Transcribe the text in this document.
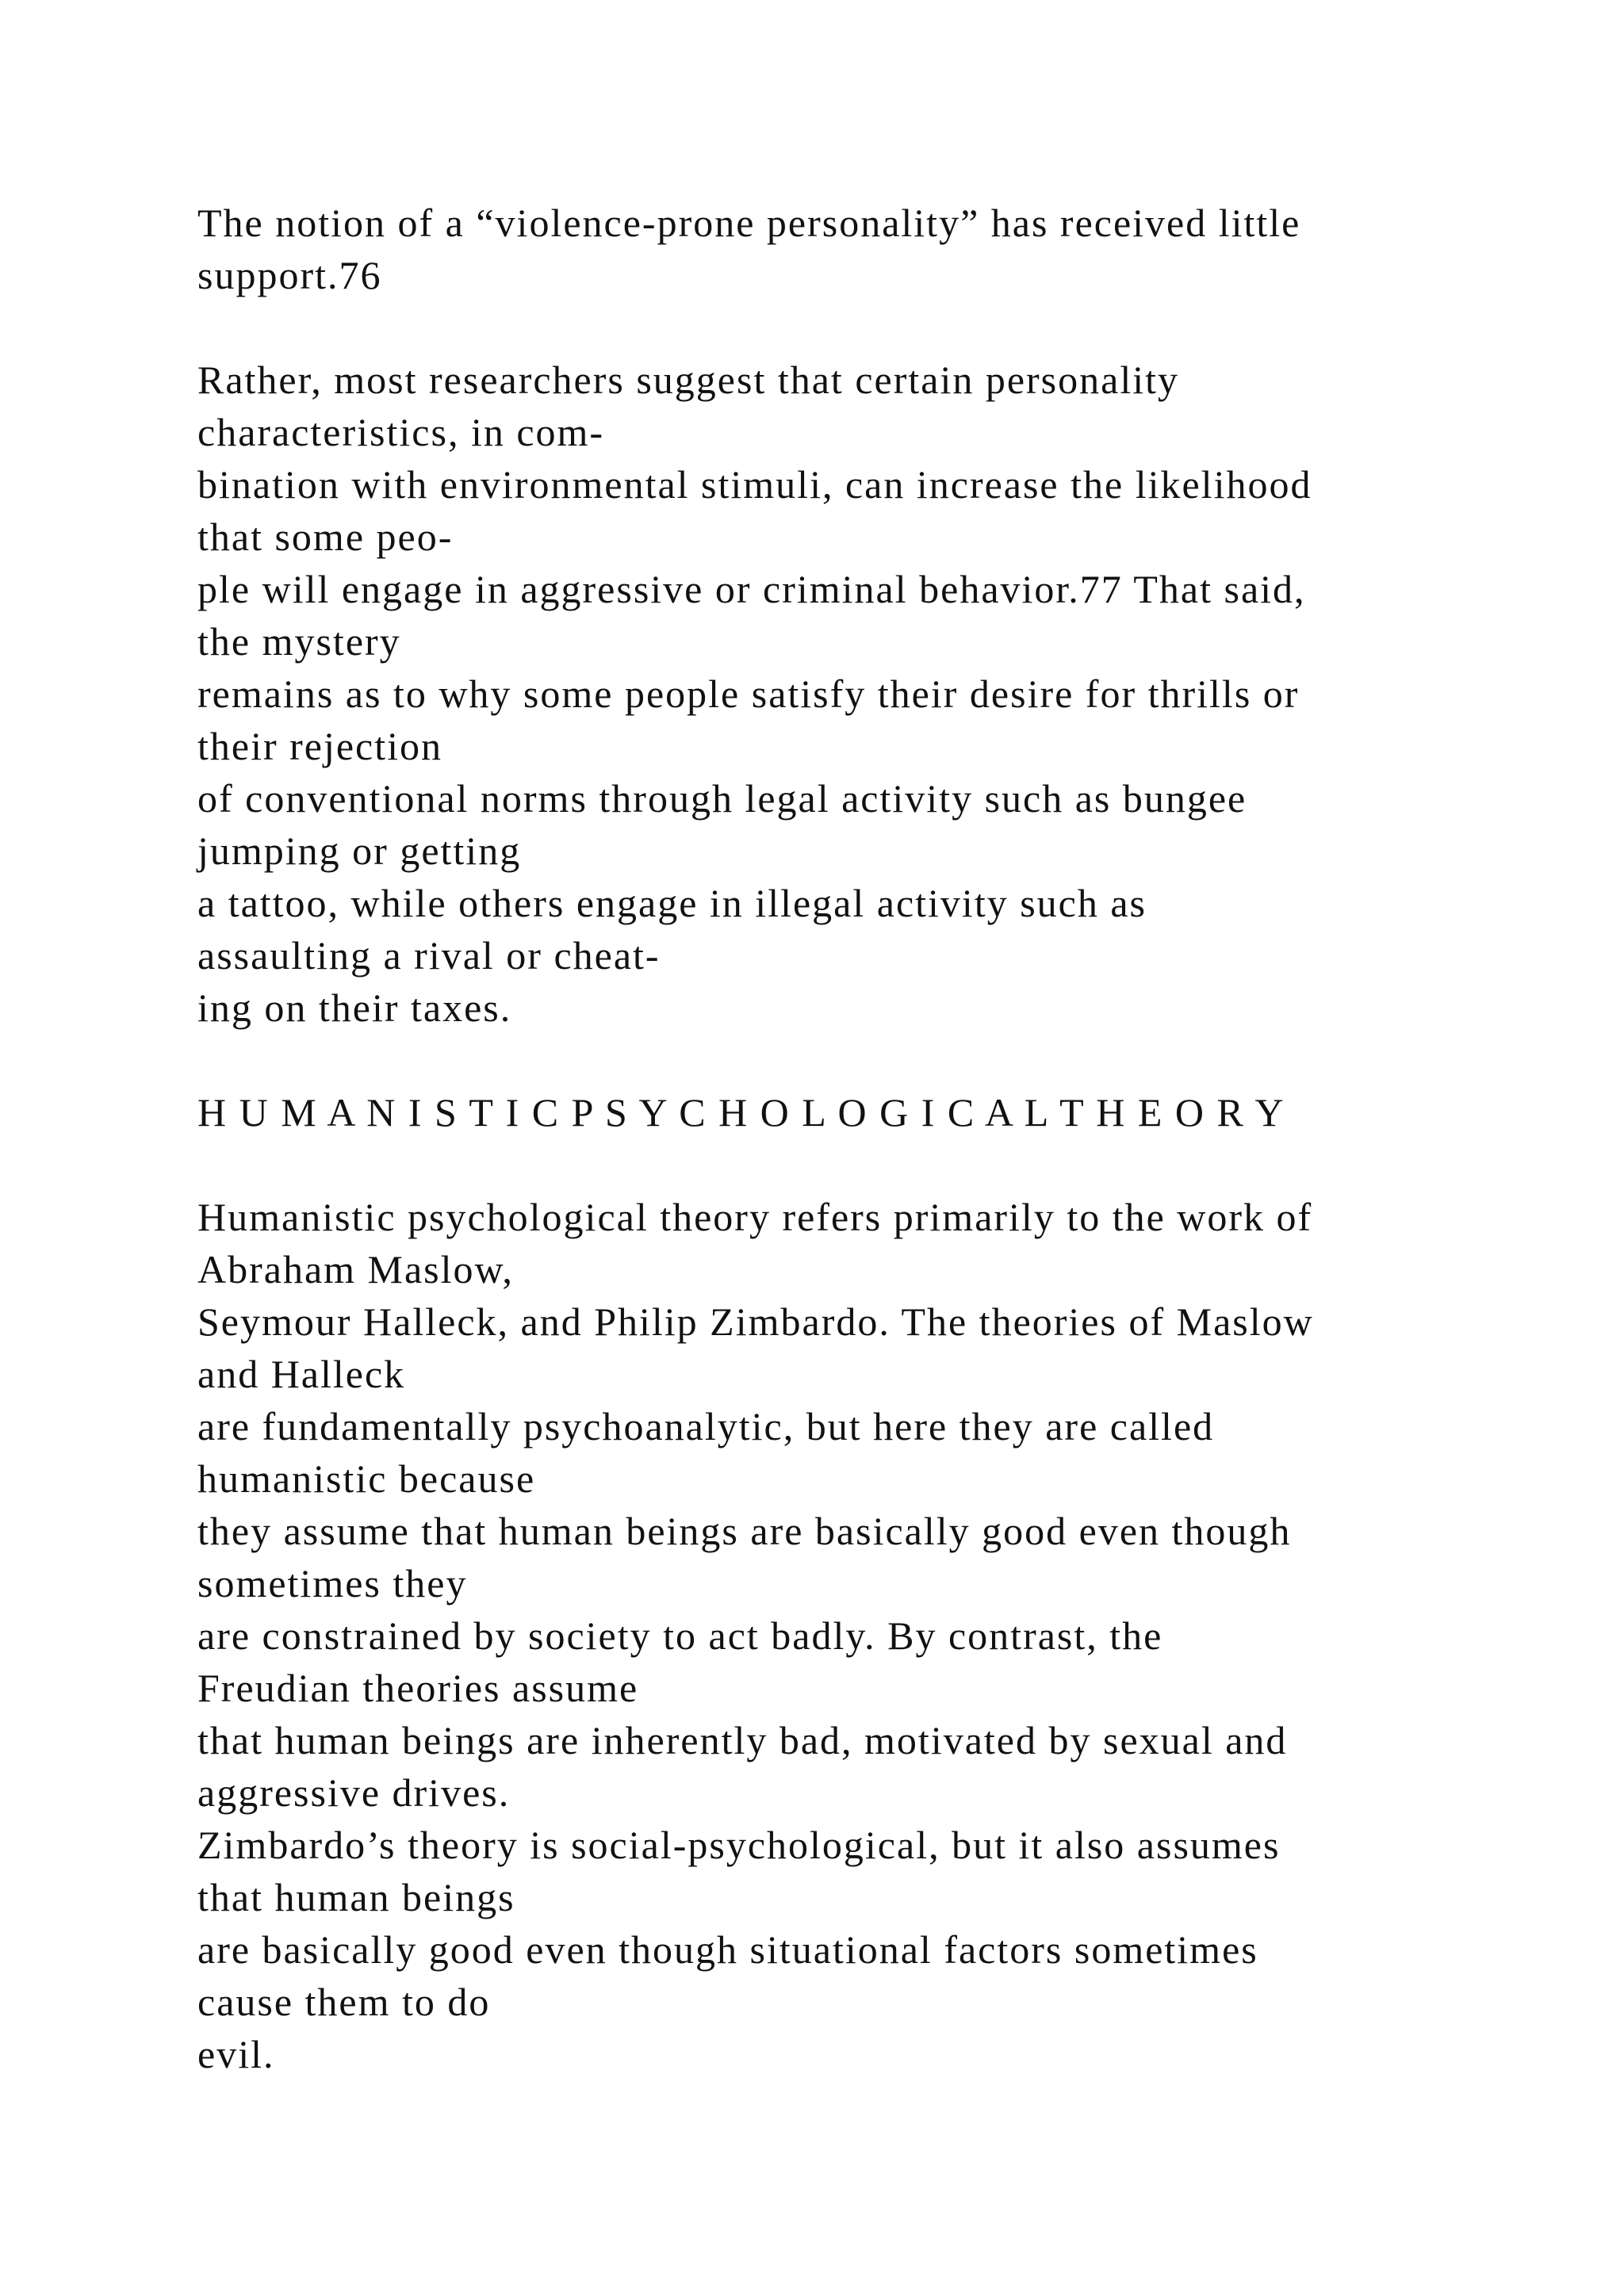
The notion of a “violence-prone personality” has received little
support.76
Rather, most researchers suggest that certain personality
characteristics, in com-
bination with environmental stimuli, can increase the likelihood
that some peo-
ple will engage in aggressive or criminal behavior.77 That said,
the mystery
remains as to why some people satisfy their desire for thrills or
their rejection
of conventional norms through legal activity such as bungee
jumping or getting
a tattoo, while others engage in illegal activity such as
assaulting a rival or cheat-
ing on their taxes.
H U M A N I S T I C P S Y C H O L O G I C A L T H E O R Y
Humanistic psychological theory refers primarily to the work of
Abraham Maslow,
Seymour Halleck, and Philip Zimbardo. The theories of Maslow
and Halleck
are fundamentally psychoanalytic, but here they are called
humanistic because
they assume that human beings are basically good even though
sometimes they
are constrained by society to act badly. By contrast, the
Freudian theories assume
that human beings are inherently bad, motivated by sexual and
aggressive drives.
Zimbardo’s theory is social-psychological, but it also assumes
that human beings
are basically good even though situational factors sometimes
cause them to do
evil.
